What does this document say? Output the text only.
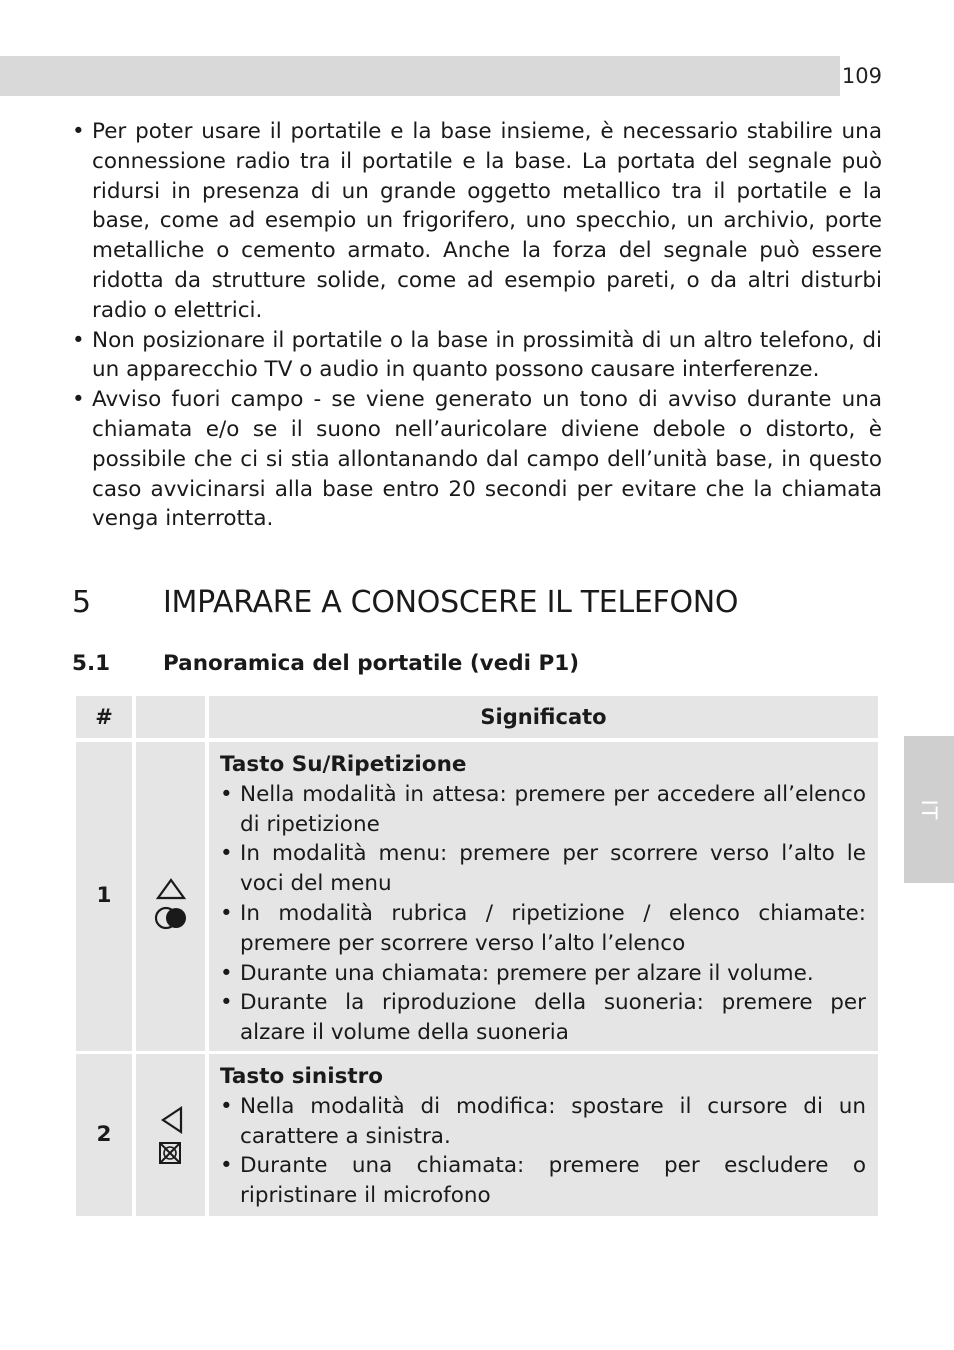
109
IT
• Per poter usare il portatile e la base insieme, è necessario stabilire una connessione radio tra il portatile e la base. La portata del segnale può ridursi in presenza di un grande oggetto metallico tra il portatile e la base, come ad esempio un frigorifero, uno specchio, un archivio, porte metalliche o cemento armato. Anche la forza del segnale può essere ridotta da strutture solide, come ad esempio pareti, o da altri disturbi radio o elettrici.
• Non posizionare il portatile o la base in prossimità di un altro telefono, di un apparecchio TV o audio in quanto possono causare interferenze.
• Avviso fuori campo - se viene generato un tono di avviso durante una chiamata e/o se il suono nell’auricolare diviene debole o distorto, è possibile che ci si stia allontanando dal campo dell’unità base, in questo caso avvicinarsi alla base entro 20 secondi per evitare che la chiamata venga interrotta.
5 IMPARARE A CONOSCERE IL TELEFONO
5.1 Panoramica del portatile (vedi P1)
#	Significato
1
Tasto Su/Ripetizione
• Nella modalità in attesa: premere per accedere all’elenco di ripetizione
• In modalità menu: premere per scorrere verso l’alto le voci del menu
• In modalità rubrica / ripetizione / elenco chiamate: premere per scorrere verso l’alto l’elenco
• Durante una chiamata: premere per alzare il volume.
• Durante la riproduzione della suoneria: premere per alzare il volume della suoneria
2
Tasto sinistro
• Nella modalità di modifica: spostare il cursore di un carattere a sinistra.
• Durante una chiamata: premere per escludere o ripristinare il microfono
